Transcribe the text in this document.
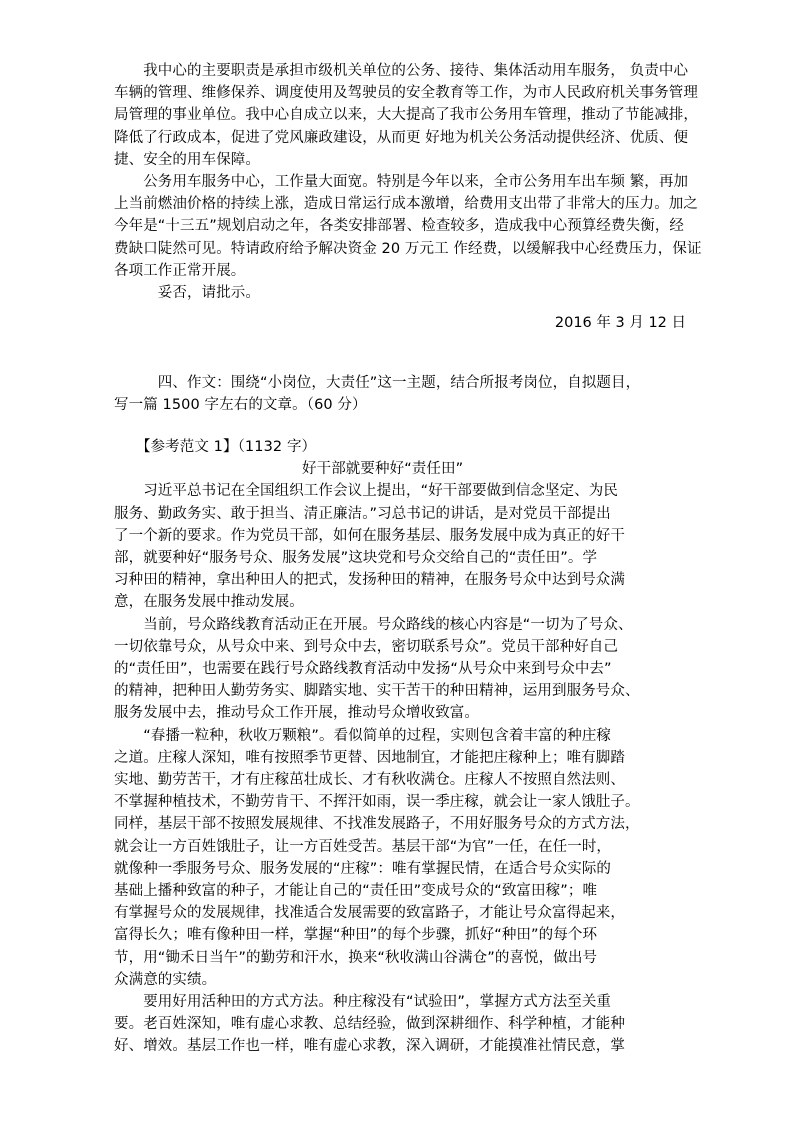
　　我中心的主要职责是承担市级机关单位的公务、接待、集体活动用车服务， 负责中心
车辆的管理、维修保养、调度使用及驾驶员的安全教育等工作，为市人民政府机关事务管理
局管理的事业单位。我中心自成立以来，大大提高了我市公务用车管理，推动了节能减排，
降低了行政成本，促进了党风廉政建设，从而更 好地为机关公务活动提供经济、优质、便
捷、安全的用车保障。
　　公务用车服务中心，工作量大面宽。特别是今年以来，全市公务用车出车频 繁，再加
上当前燃油价格的持续上涨，造成日常运行成本激增，给费用支出带了非常大的压力。加之
今年是“十三五”规划启动之年，各类安排部署、检查较多，造成我中心预算经费失衡，经
费缺口陡然可见。特请政府给予解决资金 20 万元工 作经费，以缓解我中心经费压力，保证
各项工作正常开展。
　　　妥否，请批示。
2016 年 3 月 12 日
　　　四、作文：围绕“小岗位，大责任”这一主题，结合所报考岗位，自拟题目，
写一篇 1500 字左右的文章。（60 分）
　　【参考范文 1】（1132 字）
好干部就要种好“责任田”
　　习近平总书记在全国组织工作会议上提出，“好干部要做到信念坚定、为民
服务、勤政务实、敢于担当、清正廉洁。”习总书记的讲话，是对党员干部提出
了一个新的要求。作为党员干部，如何在服务基层、服务发展中成为真正的好干
部，就要种好“服务号众、服务发展”这块党和号众交给自己的“责任田”。学
习种田的精神，拿出种田人的把式，发扬种田的精神，在服务号众中达到号众满
意，在服务发展中推动发展。
　　当前，号众路线教育活动正在开展。号众路线的核心内容是“一切为了号众、
一切依靠号众，从号众中来、到号众中去，密切联系号众”。党员干部种好自己
的“责任田”，也需要在践行号众路线教育活动中发扬“从号众中来到号众中去”
的精神，把种田人勤劳务实、脚踏实地、实干苦干的种田精神，运用到服务号众、
服务发展中去，推动号众工作开展，推动号众增收致富。
　　“春播一粒种，秋收万颗粮”。看似简单的过程，实则包含着丰富的种庄稼
之道。庄稼人深知，唯有按照季节更替、因地制宜，才能把庄稼种上；唯有脚踏
实地、勤劳苦干，才有庄稼茁壮成长、才有秋收满仓。庄稼人不按照自然法则、
不掌握种植技术，不勤劳肯干、不挥汗如雨，误一季庄稼，就会让一家人饿肚子。
同样，基层干部不按照发展规律、不找准发展路子，不用好服务号众的方式方法，
就会让一方百姓饿肚子，让一方百姓受苦。基层干部“为官”一任，在任一时，
就像种一季服务号众、服务发展的“庄稼”：唯有掌握民情，在适合号众实际的
基础上播种致富的种子，才能让自己的“责任田”变成号众的“致富田稼”；唯
有掌握号众的发展规律，找准适合发展需要的致富路子，才能让号众富得起来，
富得长久；唯有像种田一样，掌握“种田”的每个步骤，抓好“种田”的每个环
节，用“锄禾日当午”的勤劳和汗水，换来“秋收满山谷满仓”的喜悦，做出号
众满意的实绩。
　　要用好用活种田的方式方法。种庄稼没有“试验田”，掌握方式方法至关重
要。老百姓深知，唯有虚心求教、总结经验，做到深耕细作、科学种植，才能种
好、增效。基层工作也一样，唯有虚心求教，深入调研，才能摸准社情民意，掌
